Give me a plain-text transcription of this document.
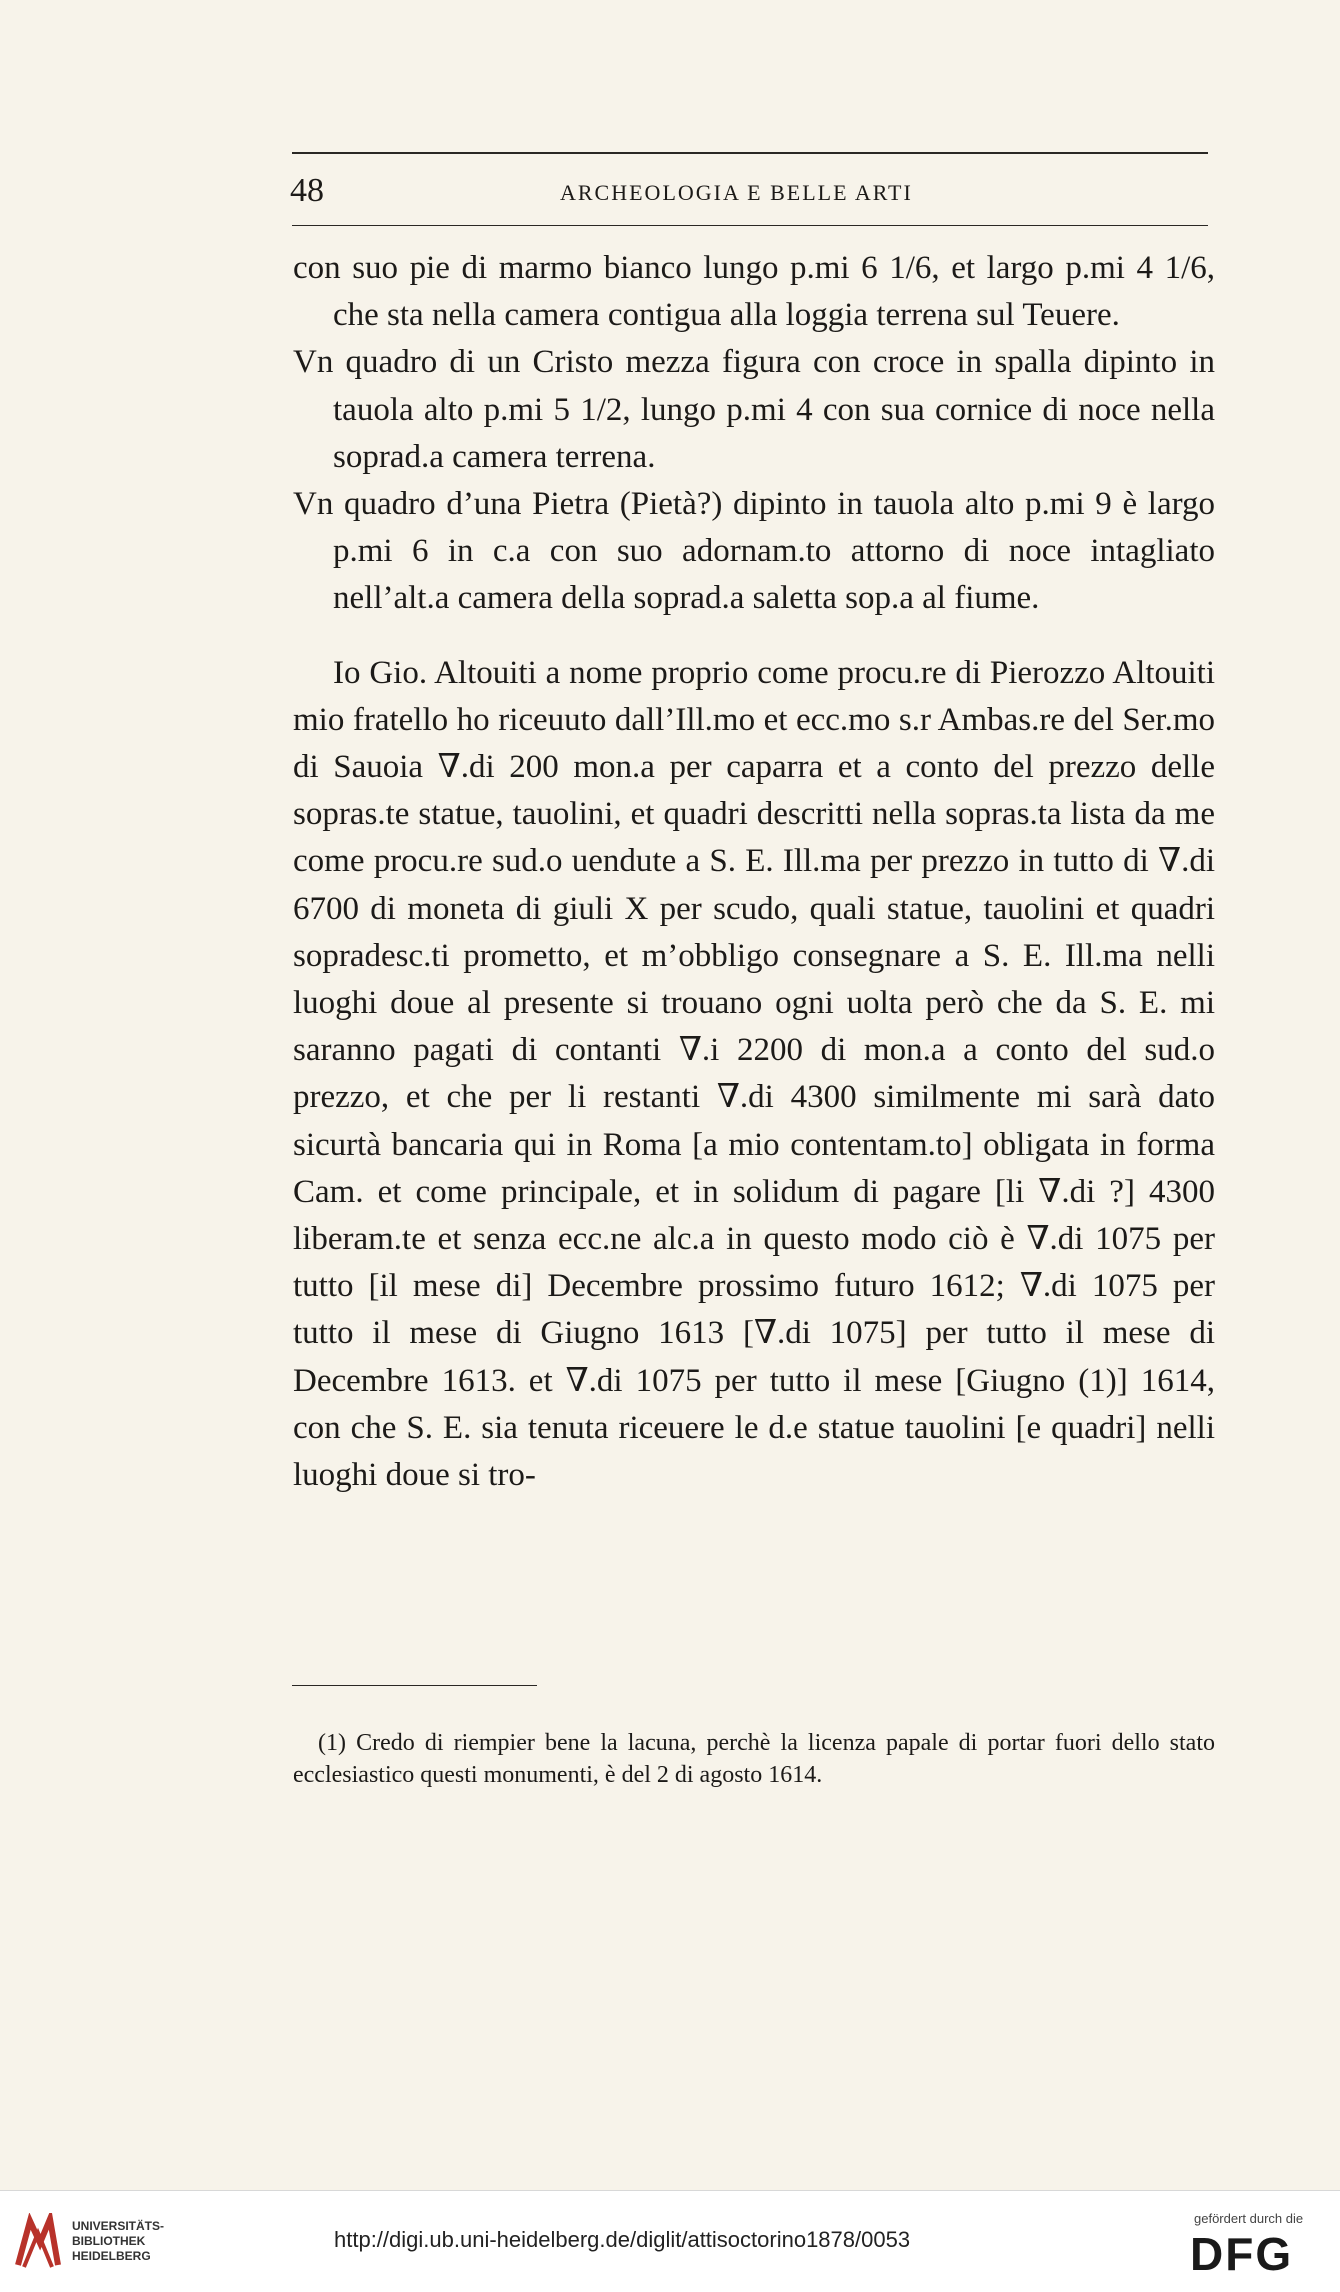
48	ARCHEOLOGIA E BELLE ARTI

con suo pie di marmo bianco lungo p.mi 6 1/6, et largo p.mi 4 1/6, che sta nella camera contigua alla loggia terrena sul Teuere.

Vn quadro di un Cristo mezza figura con croce in spalla dipinto in tauola alto p.mi 5 1/2, lungo p.mi 4 con sua cornice di noce nella soprad.a camera terrena.

Vn quadro d’una Pietra (Pietà?) dipinto in tauola alto p.mi 9 è largo p.mi 6 in c.a con suo adornam.to attorno di noce intagliato nell’alt.a camera della soprad.a saletta sop.a al fiume.

Io Gio. Altouiti a nome proprio come procu.re di Pierozzo Altouiti mio fratello ho riceuuto dall’Ill.mo et ecc.mo s.r Ambas.re del Ser.mo di Sauoia ∇.di 200 mon.a per caparra et a conto del prezzo delle sopras.te statue, tauolini, et quadri descritti nella sopras.ta lista da me come procu.re sud.o uendute a S. E. Ill.ma per prezzo in tutto di ∇.di 6700 di moneta di giuli X per scudo, quali statue, tauolini et quadri sopradesc.ti prometto, et m’obbligo consegnare a S. E. Ill.ma nelli luoghi doue al presente si trouano ogni uolta però che da S. E. mi saranno pagati di contanti ∇.i 2200 di mon.a a conto del sud.o prezzo, et che per li restanti ∇.di 4300 similmente mi sarà dato sicurtà bancaria qui in Roma [a mio contentam.to] obligata in forma Cam. et come principale, et in solidum di pagare [li ∇.di ?] 4300 liberam.te et senza ecc.ne alc.a in questo modo ciò è ∇.di 1075 per tutto [il mese di] Decembre prossimo futuro 1612; ∇.di 1075 per tutto il mese di Giugno 1613 [∇.di 1075] per tutto il mese di Decembre 1613. et ∇.di 1075 per tutto il mese [Giugno (1)] 1614, con che S. E. sia tenuta riceuere le d.e statue tauolini [e quadri] nelli luoghi doue si tro-

(1) Credo di riempier bene la lacuna, perchè la licenza papale di portar fuori dello stato ecclesiastico questi monumenti, è del 2 di agosto 1614.

UNIVERSITÄTS-
BIBLIOTHEK
HEIDELBERG
http://digi.ub.uni-heidelberg.de/diglit/attisoctorino1878/0053
gefördert durch die
DFG
